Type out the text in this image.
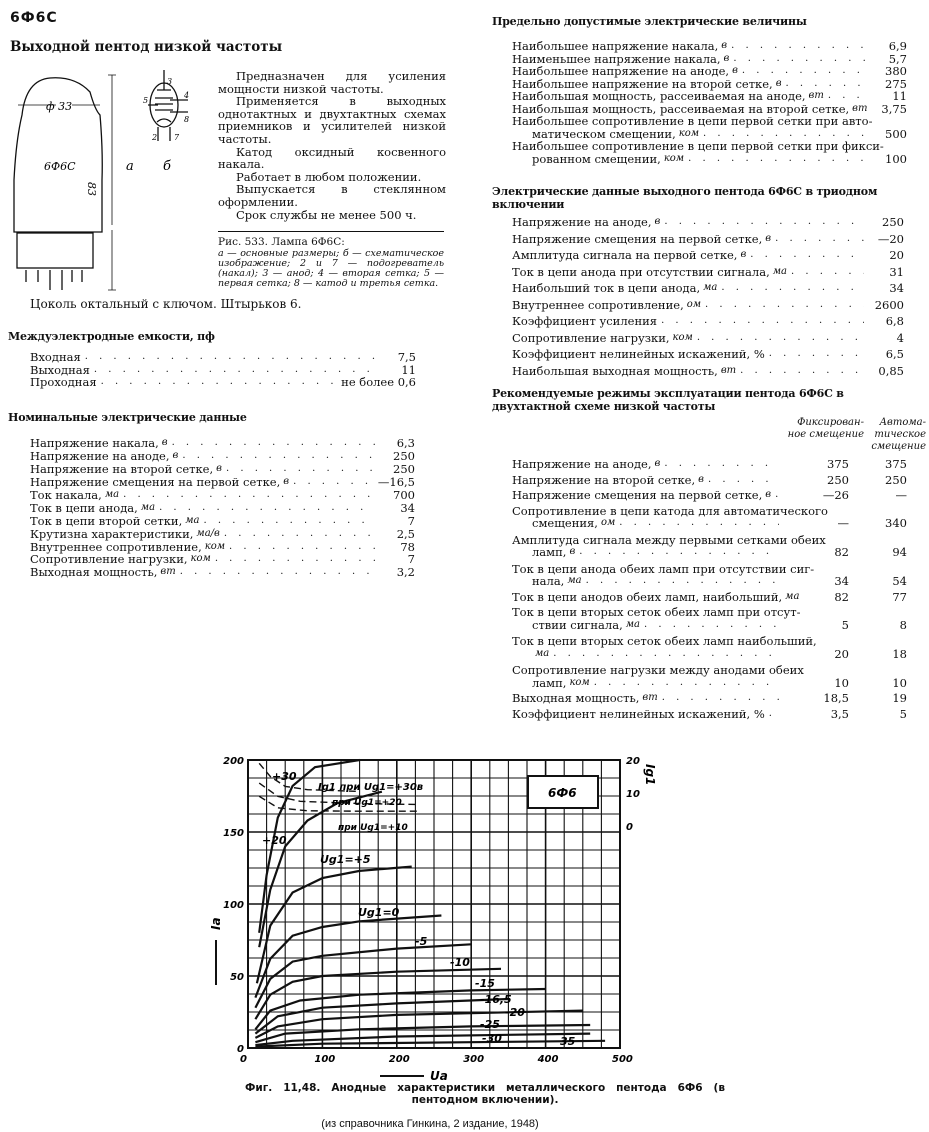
6Ф6С
Выходной пентод низкой частоты
ф 33
6Ф6С
83
а б
3
5
4
8
2 7

Предназначен для усиления мощности низкой частоты.

Применяется в выходных однотактных и двухтактных схемах приемников и усилителей низкой частоты.

Катод оксидный косвенного накала.

Работает в любом положении.

Выпускается в стеклянном оформлении.

Срок службы не менее 500 ч.

Рис. 533. Лампа 6Ф6С:
а — основные размеры; б — схематическое изображение; 2 и 7 — подогреватель (накал); 3 — анод; 4 — вторая сетка; 5 — первая сетка; 8 — катод и третья сетка.
Цоколь октальный с ключом. Штырьков 6.
Междуэлектродные емкости, пф
Входная . . .	7,5
Выходная . . .	11
Проходная . . .	не более 0,6
Номинальные электрические данные
Напряжение накала, в . . .	6,3
Напряжение на аноде, в . . .	250
Напряжение на второй сетке, в . . .	250
Напряжение смещения на первой сетке, в . . .	—16,5
Ток накала, ма . . .	700
Ток в цепи анода, ма . . .	34
Ток в цепи второй сетки, ма . . .	7
Крутизна характеристики, ма/в . . .	2,5
Внутреннее сопротивление, ком . . .	78
Сопротивление нагрузки, ком . . .	7
Выходная мощность, вт . . .	3,2
Предельно допустимые электрические величины
Наибольшее напряжение накала, в . . .	6,9
Наименьшее напряжение накала, в . . .	5,7
Наибольшее напряжение на аноде, в . . .	380
Наибольшее напряжение на второй сетке, в . . .	275
Наибольшая мощность, рассеиваемая на аноде, вт . . .	11
Наибольшая мощность, рассеиваемая на второй сетке, вт	3,75
Наибольшее сопротивление в цепи первой сетки при авто-
матическом смещении, ком . . .	500
Наибольшее сопротивление в цепи первой сетки при фикси-
рованном смещении, ком . . .	100
Электрические данные выходного пентода 6Ф6С в триодном включении
Напряжение на аноде, в . . .	250
Напряжение смещения на первой сетке, в . . .	—20
Амплитуда сигнала на первой сетке, в . . .	20
Ток в цепи анода при отсутствии сигнала, ма . . .	31
Наибольший ток в цепи анода, ма . . .	34
Внутреннее сопротивление, ом . . .	2600
Коэффициент усиления . . .	6,8
Сопротивление нагрузки, ком . . .	4
Коэффициент нелинейных искажений, % . . .	6,5
Наибольшая выходная мощность, вт . . .	0,85
Рекомендуемые режимы эксплуатации пентода 6Ф6С в двухтактной схеме низкой частоты
Фиксирован-ное смещение
Автома-тическое смещение
Напряжение на аноде, в . . .	375	375
Напряжение на второй сетке, в . . .	250	250
Напряжение смещения на первой сетке, в . . .	—26	—
Сопротивление в цепи катода для автоматического
смещения, ом . . .	—	340
Амплитуда сигнала между первыми сетками обеих
ламп, в . . .	82	94
Ток в цепи анода обеих ламп при отсутствии сиг-
нала, ма . . .	34	54
Ток в цепи анодов обеих ламп, наибольший, ма	82	77
Ток в цепи вторых сеток обеих ламп при отсут-
ствии сигнала, ма . . .	5	8
Ток в цепи вторых сеток обеих ламп наибольший,
ма . . .	20	18
Сопротивление нагрузки между анодами обеих
ламп, ком . . .	10	10
Выходная мощность, вт . . .	18,5	19
Коэффициент нелинейных искажений, % . . .	3,5	5
0	100	200	300	400	500
0
50
100
150
200
0
10
20
Ua
Ia
Ig1
6Ф6
+30
+20
Ug1=+5
Ug1=0
-5
-10
-15
-16,5
-20
-25
-30	35
Ig1 при Ug1=+30в
при Ug1=+20
при Ug1=+10
Фиг. 11,48. Анодные характеристики металлического пентода 6Ф6 (в пентодном включении).
(из справочника Гинкина, 2 издание, 1948)
